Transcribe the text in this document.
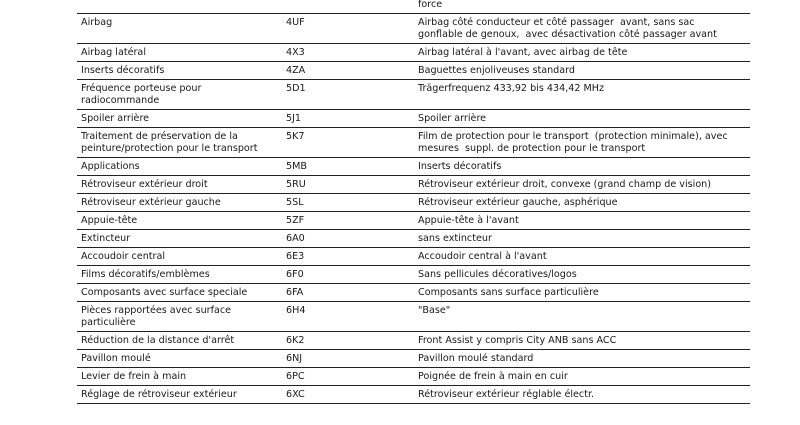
		force
Airbag	4UF	Airbag côté conducteur et côté passager  avant, sans sac
gonflable de genoux,  avec désactivation côté passager avant
Airbag latéral	4X3	Airbag latéral à l'avant, avec airbag de tête
Inserts décoratifs	4ZA	Baguettes enjoliveuses standard
Fréquence porteuse pour
radiocommande	5D1	Trägerfrequenz 433,92 bis 434,42 MHz
Spoiler arrière	5J1	Spoiler arrière
Traitement de préservation de la
peinture/protection pour le transport	5K7	Film de protection pour le transport  (protection minimale), avec
mesures  suppl. de protection pour le transport
Applications	5MB	Inserts décoratifs
Rétroviseur extérieur droit	5RU	Rétroviseur extérieur droit, convexe (grand champ de vision)
Rétroviseur extérieur gauche	5SL	Rétroviseur extérieur gauche, asphérique
Appuie-tête	5ZF	Appuie-tête à l'avant
Extincteur	6A0	sans extincteur
Accoudoir central	6E3	Accoudoir central à l'avant
Films décoratifs/emblèmes	6F0	Sans pellicules décoratives/logos
Composants avec surface speciale	6FA	Composants sans surface particulière
Pièces rapportées avec surface
particulière	6H4	"Base"
Réduction de la distance d'arrêt	6K2	Front Assist y compris City ANB sans ACC
Pavillon moulé	6NJ	Pavillon moulé standard
Levier de frein à main	6PC	Poignée de frein à main en cuir
Réglage de rétroviseur extérieur	6XC	Rétroviseur extérieur réglable électr.
